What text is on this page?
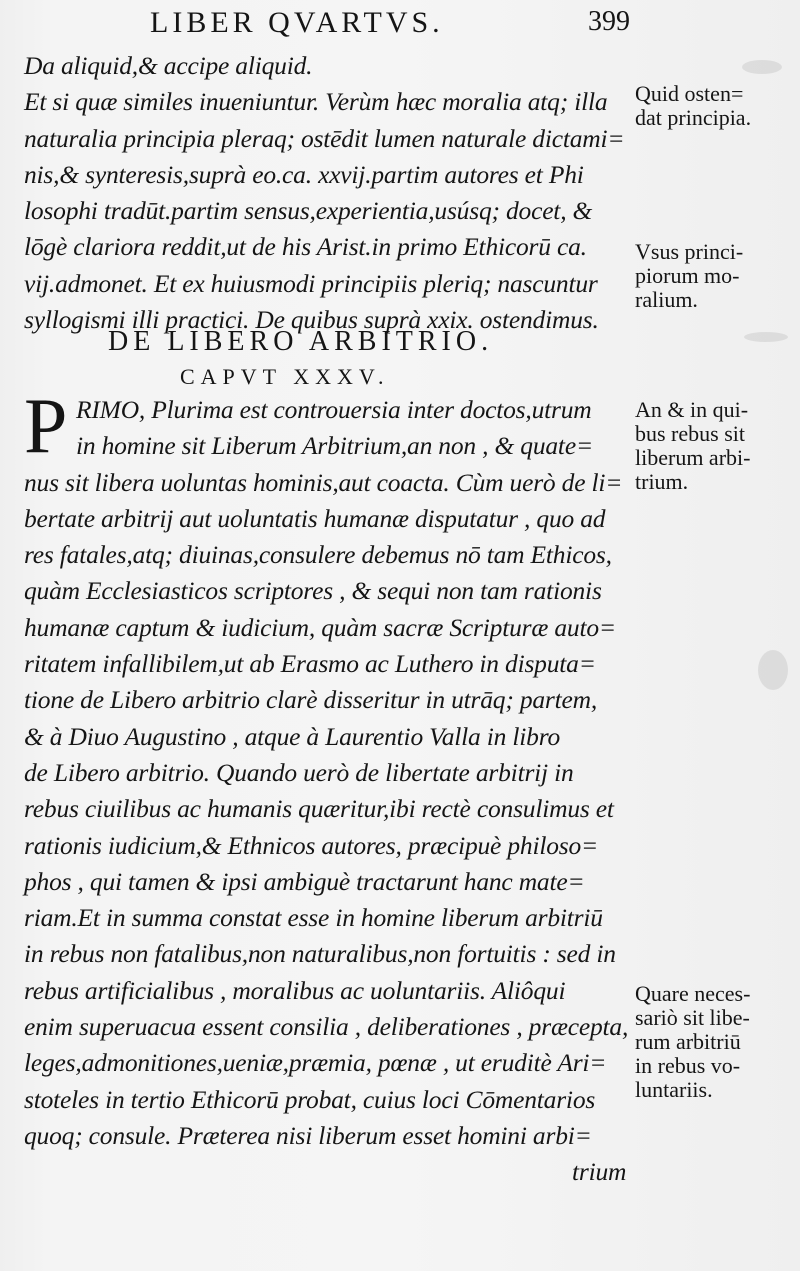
LIBER QVARTVS.	399
Da aliquid,& accipe aliquid.
Et si quæ similes inueniuntur. Verùm hæc moralia atq; illa
naturalia principia pleraq; ostēdit lumen naturale dictami=
nis,& synteresis,suprà eo.ca. xxvij.partim autores et Phi
losophi tradūt.partim sensus,experientia,usúsq; docet, &
lōgè clariora reddit,ut de his Arist.in primo Ethicorū ca.
vij.admonet. Et ex huiusmodi principiis pleriq; nascuntur
syllogismi illi practici. De quibus suprà xxix. ostendimus.
DE LIBERO ARBITRIO.
CAPVT XXXV.
P RIMO, Plurima est controuersia inter doctos,utrum
in homine sit Liberum Arbitrium,an non , & quate=
nus sit libera uoluntas hominis,aut coacta. Cùm uerò de li=
bertate arbitrij aut uoluntatis humanæ disputatur , quo ad
res fatales,atq; diuinas,consulere debemus nō tam Ethicos,
quàm Ecclesiasticos scriptores , & sequi non tam rationis
humanæ captum & iudicium, quàm sacræ Scripturæ auto=
ritatem infallibilem,ut ab Erasmo ac Luthero in disputa=
tione de Libero arbitrio clarè disseritur in utrāq; partem,
& à Diuo Augustino , atque à Laurentio Valla in libro
de Libero arbitrio. Quando uerò de libertate arbitrij in
rebus ciuilibus ac humanis quæritur,ibi rectè consulimus et
rationis iudicium,& Ethnicos autores, præcipuè philoso=
phos , qui tamen & ipsi ambiguè tractarunt hanc mate=
riam.Et in summa constat esse in homine liberum arbitriū
in rebus non fatalibus,non naturalibus,non fortuitis : sed in
rebus artificialibus , moralibus ac uoluntariis. Aliôqui
enim superuacua essent consilia , deliberationes , præcepta,
leges,admonitiones,ueniæ,præmia, pœnæ , ut eruditè Ari=
stoteles in tertio Ethicorū probat, cuius loci Cōmentarios
quoq; consule. Præterea nisi liberum esset homini arbi=
trium
Quid osten=
dat principia.
Vsus princi-
piorum mo-
ralium.
An & in qui-
bus rebus sit
liberum arbi-
trium.
Quare neces-
sariò sit libe-
rum arbitriū
in rebus vo-
luntariis.
